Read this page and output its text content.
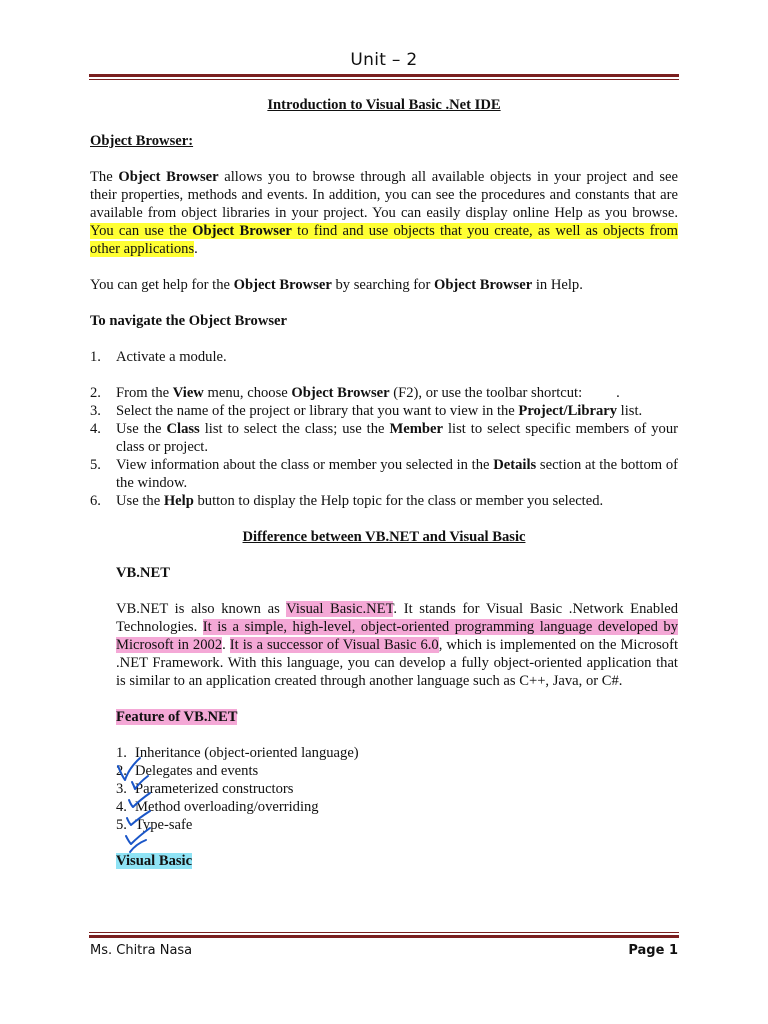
Unit – 2

Introduction to Visual Basic .Net IDE

Object Browser:

The Object Browser allows you to browse through all available objects in your project and see their properties, methods and events. In addition, you can see the procedures and constants that are available from object libraries in your project. You can easily display online Help as you browse. You can use the Object Browser to find and use objects that you create, as well as objects from other applications.

You can get help for the Object Browser by searching for Object Browser in Help.

To navigate the Object Browser

1. Activate a module.
2. From the View menu, choose Object Browser (F2), or use the toolbar shortcut: .
3. Select the name of the project or library that you want to view in the Project/Library list.
4. Use the Class list to select the class; use the Member list to select specific members of your class or project.
5. View information about the class or member you selected in the Details section at the bottom of the window.
6. Use the Help button to display the Help topic for the class or member you selected.

Difference between VB.NET and Visual Basic

VB.NET

VB.NET is also known as Visual Basic.NET. It stands for Visual Basic .Network Enabled Technologies. It is a simple, high-level, object-oriented programming language developed by Microsoft in 2002. It is a successor of Visual Basic 6.0, which is implemented on the Microsoft .NET Framework. With this language, you can develop a fully object-oriented application that is similar to an application created through another language such as C++, Java, or C#.

Feature of VB.NET

1. Inheritance (object-oriented language)
2. Delegates and events
3. Parameterized constructors
4. Method overloading/overriding
5. Type-safe

Visual Basic

Ms. Chitra Nasa	Page 1
